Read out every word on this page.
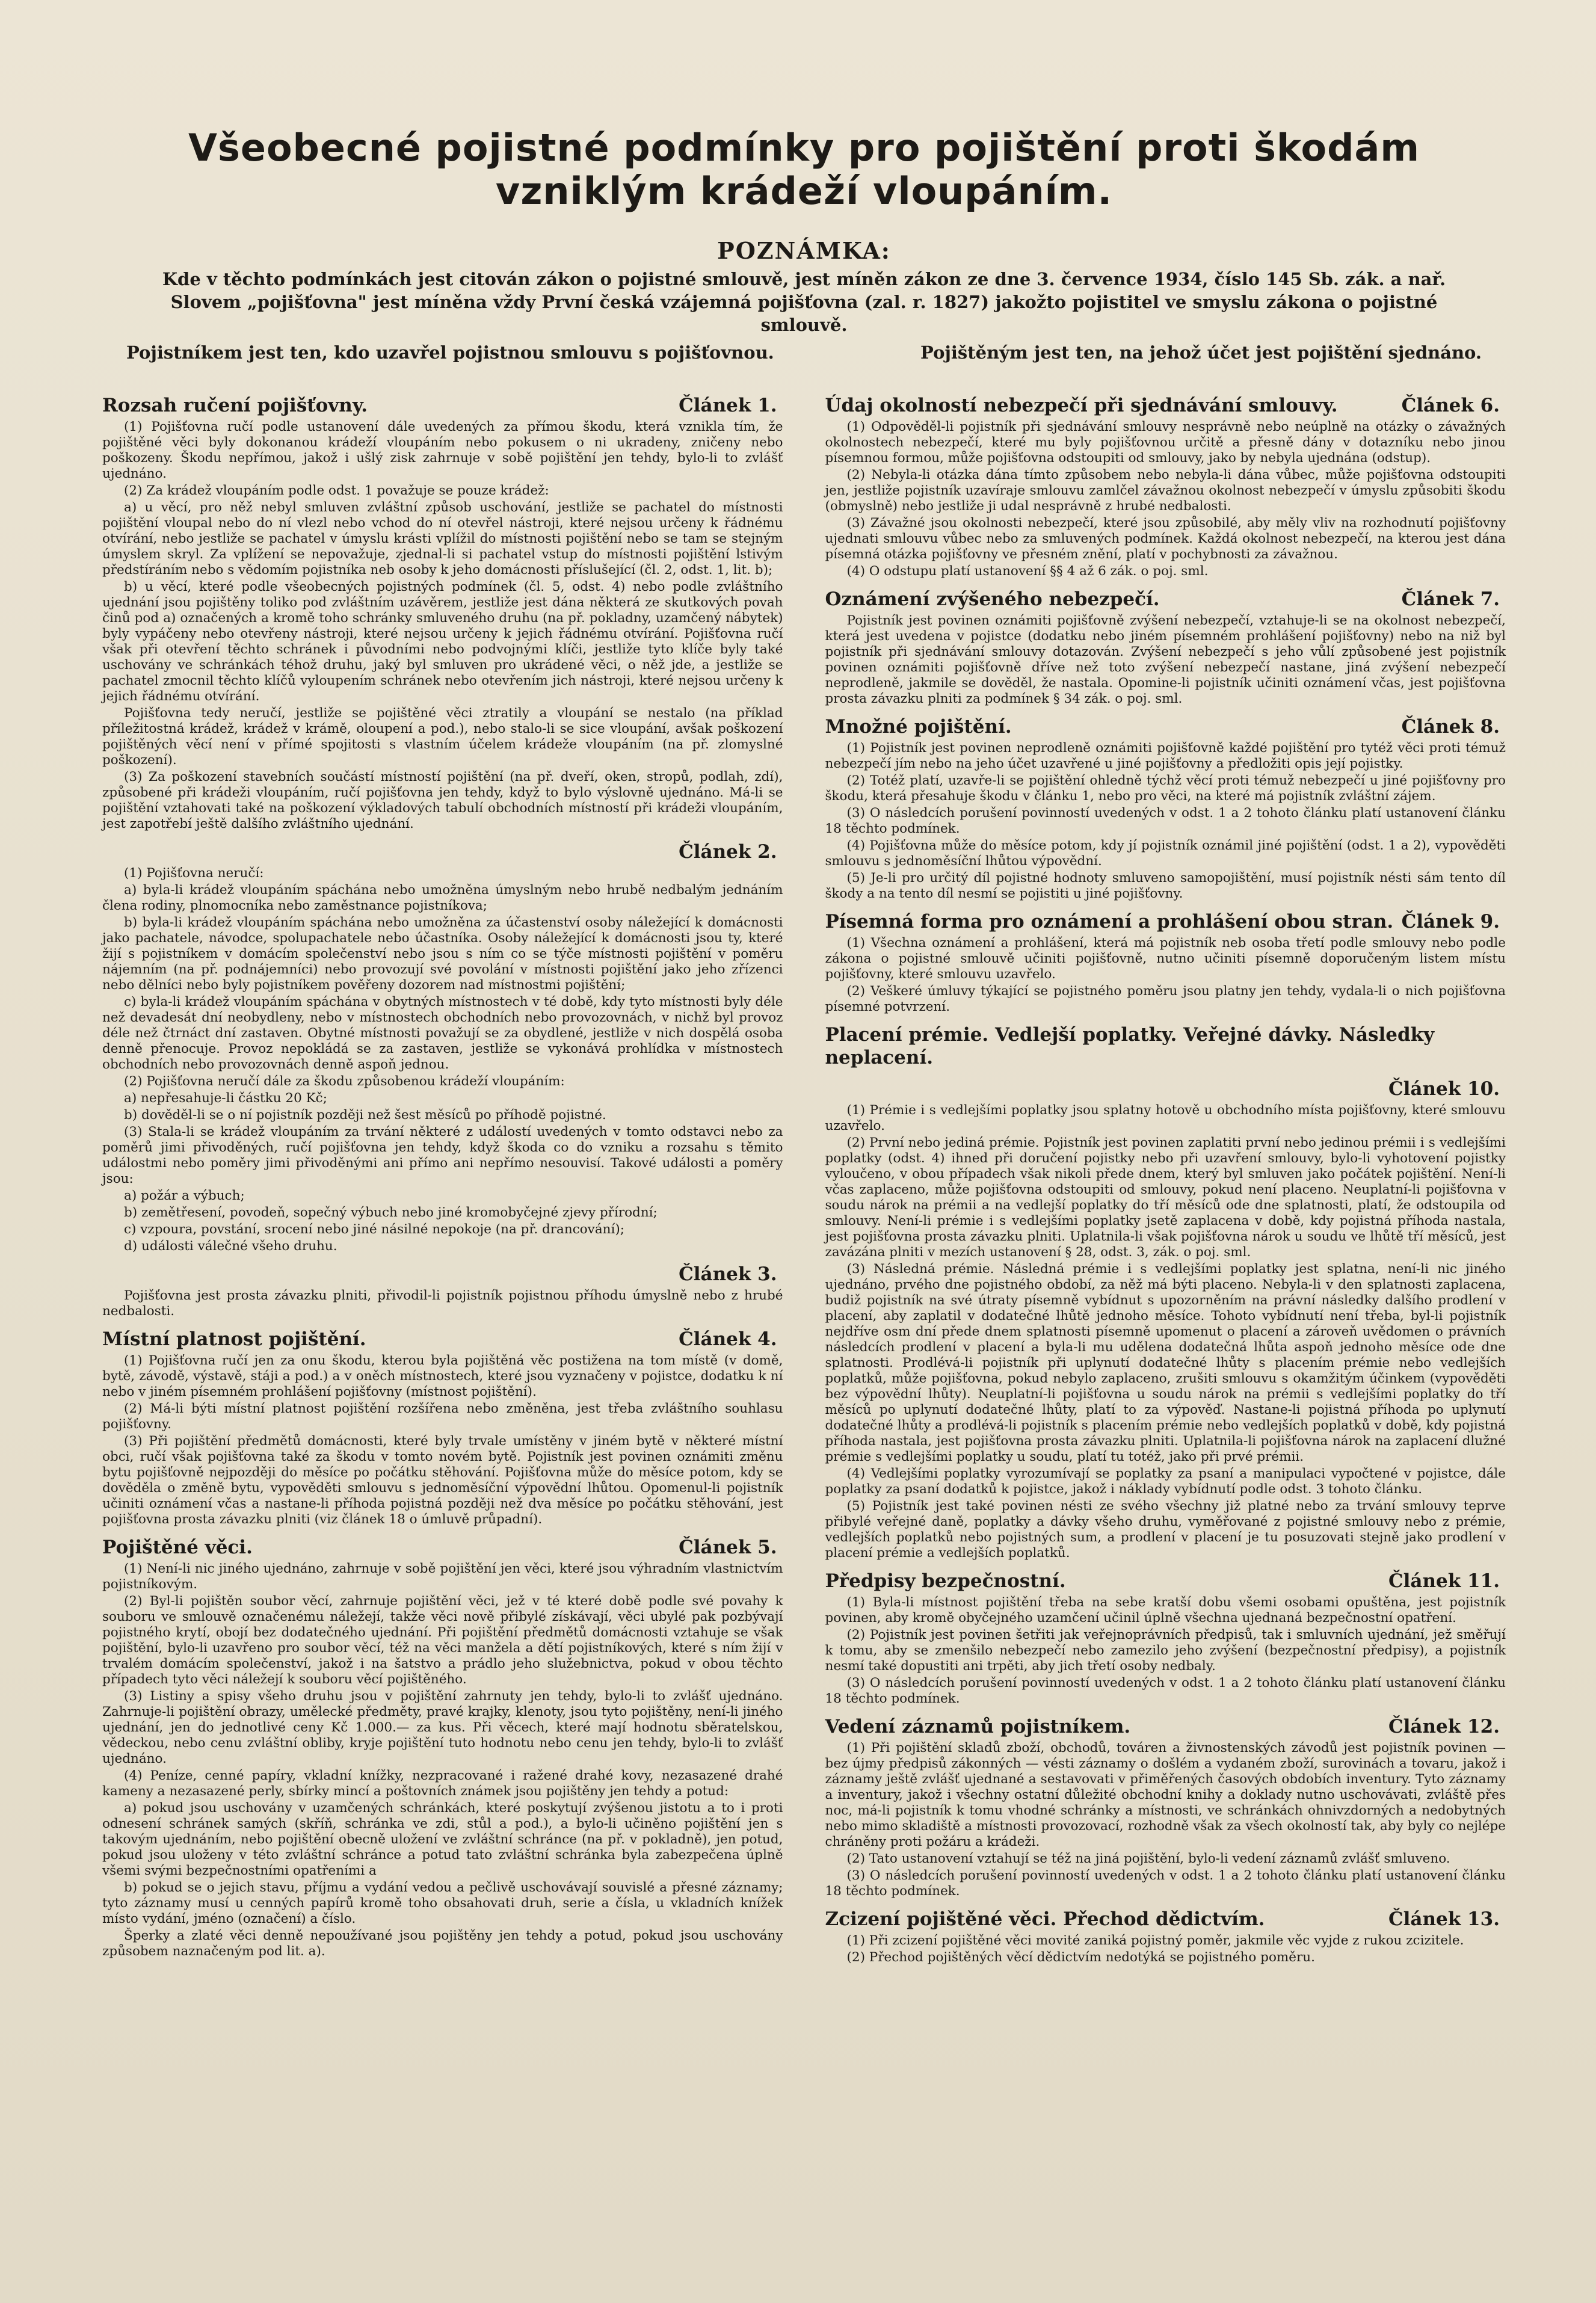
Všeobecné pojistné podmínky pro pojištění proti škodám
vzniklým krádeží vloupáním.
POZNÁMKA:
Kde v těchto podmínkách jest citován zákon o pojistné smlouvě, jest míněn zákon ze dne 3. července 1934, číslo 145 Sb. zák. a nař. Slovem „pojišťovna" jest míněna vždy První česká vzájemná pojišťovna (zal. r. 1827) jakožto pojistitel ve smyslu zákona o pojistné smlouvě.
Pojistníkem jest ten, kdo uzavřel pojistnou smlouvu s pojišťovnou.	Pojištěným jest ten, na jehož účet jest pojištění sjednáno.
Rozsah ručení pojišťovny.	Článek 1.

(1) Pojišťovna ručí podle ustanovení dále uvedených za přímou škodu, která vznikla tím, že pojištěné věci byly dokonanou krádeží vloupáním nebo pokusem o ni ukradeny, zničeny nebo poškozeny. Škodu nepřímou, jakož i ušlý zisk zahrnuje v sobě pojištění jen tehdy, bylo-li to zvlášť ujednáno.

(2) Za krádež vloupáním podle odst. 1 považuje se pouze krádež:

a) u věcí, pro něž nebyl smluven zvláštní způsob uschování, jestliže se pachatel do místnosti pojištění vloupal nebo do ní vlezl nebo vchod do ní otevřel nástroji, které nejsou určeny k řádnému otvírání, nebo jestliže se pachatel v úmyslu krásti vplížil do místnosti pojištění nebo se tam se stejným úmyslem skryl. Za vplížení se nepovažuje, zjednal-li si pachatel vstup do místnosti pojištění lstivým předstíráním nebo s vědomím pojistníka neb osoby k jeho domácnosti příslušející (čl. 2, odst. 1, lit. b);

b) u věcí, které podle všeobecných pojistných podmínek (čl. 5, odst. 4) nebo podle zvláštního ujednání jsou pojištěny toliko pod zvláštním uzávěrem, jestliže jest dána některá ze skutkových povah činů pod a) označených a kromě toho schránky smluveného druhu (na př. pokladny, uzamčený nábytek) byly vypáčeny nebo otevřeny nástroji, které nejsou určeny k jejich řádnému otvírání. Pojišťovna ručí však při otevření těchto schránek i původními nebo podvojnými klíči, jestliže tyto klíče byly také uschovány ve schránkách téhož druhu, jaký byl smluven pro ukrádené věci, o něž jde, a jestliže se pachatel zmocnil těchto klíčů vyloupením schránek nebo otevřením jich nástroji, které nejsou určeny k jejich řádnému otvírání.

Pojišťovna tedy neručí, jestliže se pojištěné věci ztratily a vloupání se nestalo (na příklad příležitostná krádež, krádež v krámě, oloupení a pod.), nebo stalo-li se sice vloupání, avšak poškození pojištěných věcí není v přímé spojitosti s vlastním účelem krádeže vloupáním (na př. zlomyslné poškození).

(3) Za poškození stavebních součástí místností pojištění (na př. dveří, oken, stropů, podlah, zdí), způsobené při krádeži vloupáním, ručí pojišťovna jen tehdy, když to bylo výslovně ujednáno. Má-li se pojištění vztahovati také na poškození výkladových tabulí obchodních místností při krádeži vloupáním, jest zapotřebí ještě dalšího zvláštního ujednání.

Článek 2.

(1) Pojišťovna neručí:

a) byla-li krádež vloupáním spáchána nebo umožněna úmyslným nebo hrubě nedbalým jednáním člena rodiny, plnomocníka nebo zaměstnance pojistníkova;

b) byla-li krádež vloupáním spáchána nebo umožněna za účastenství osoby náležející k domácnosti jako pachatele, návodce, spolupachatele nebo účastníka. Osoby náležející k domácnosti jsou ty, které žijí s pojistníkem v domácím společenství nebo jsou s ním co se týče místnosti pojištění v poměru nájemním (na př. podnájemníci) nebo provozují své povolání v místnosti pojištění jako jeho zřízenci nebo dělníci nebo byly pojistníkem pověřeny dozorem nad místnostmi pojištění;

c) byla-li krádež vloupáním spáchána v obytných místnostech v té době, kdy tyto místnosti byly déle než devadesát dní neobydleny, nebo v místnostech obchodních nebo provozovnách, v nichž byl provoz déle než čtrnáct dní zastaven. Obytné místnosti považují se za obydlené, jestliže v nich dospělá osoba denně přenocuje. Provoz nepokládá se za zastaven, jestliže se vykonává prohlídka v místnostech obchodních nebo provozovnách denně aspoň jednou.

(2) Pojišťovna neručí dále za škodu způsobenou krádeží vloupáním:

a) nepřesahuje-li částku 20 Kč;

b) dověděl-li se o ní pojistník později než šest měsíců po příhodě pojistné.

(3) Stala-li se krádež vloupáním za trvání některé z událostí uvedených v tomto odstavci nebo za poměrů jimi přivoděných, ručí pojišťovna jen tehdy, když škoda co do vzniku a rozsahu s těmito událostmi nebo poměry jimi přivoděnými ani přímo ani nepřímo nesouvisí. Takové události a poměry jsou:

a) požár a výbuch;

b) zemětřesení, povodeň, sopečný výbuch nebo jiné kromobyčejné zjevy přírodní;

c) vzpoura, povstání, srocení nebo jiné násilné nepokoje (na př. drancování);

d) události válečné všeho druhu.

Článek 3.

Pojišťovna jest prosta závazku plniti, přivodil-li pojistník pojistnou příhodu úmyslně nebo z hrubé nedbalosti.

Místní platnost pojištění.	Článek 4.

(1) Pojišťovna ručí jen za onu škodu, kterou byla pojištěná věc postižena na tom místě (v domě, bytě, závodě, výstavě, stáji a pod.) a v oněch místnostech, které jsou vyznačeny v pojistce, dodatku k ní nebo v jiném písemném prohlášení pojišťovny (místnost pojištění).

(2) Má-li býti místní platnost pojištění rozšířena nebo změněna, jest třeba zvláštního souhlasu pojišťovny.

(3) Při pojištění předmětů domácnosti, které byly trvale umístěny v jiném bytě v některé místní obci, ručí však pojišťovna také za škodu v tomto novém bytě. Pojistník jest povinen oznámiti změnu bytu pojišťovně nejpozději do měsíce po počátku stěhování. Pojišťovna může do měsíce potom, kdy se dověděla o změně bytu, vypověděti smlouvu s jednoměsíční výpovědní lhůtou. Opomenul-li pojistník učiniti oznámení včas a nastane-li příhoda pojistná později než dva měsíce po počátku stěhování, jest pojišťovna prosta závazku plniti (viz článek 18 o úmluvě průpadní).

Pojištěné věci.	Článek 5.

(1) Není-li nic jiného ujednáno, zahrnuje v sobě pojištění jen věci, které jsou výhradním vlastnictvím pojistníkovým.

(2) Byl-li pojištěn soubor věcí, zahrnuje pojištění věci, jež v té které době podle své povahy k souboru ve smlouvě označenému náležejí, takže věci nově přibylé získávají, věci ubylé pak pozbývají pojistného krytí, obojí bez dodatečného ujednání. Při pojištění předmětů domácnosti vztahuje se však pojištění, bylo-li uzavřeno pro soubor věcí, též na věci manžela a dětí pojistníkových, které s ním žijí v trvalém domácím společenství, jakož i na šatstvo a prádlo jeho služebnictva, pokud v obou těchto případech tyto věci náležejí k souboru věcí pojištěného.

(3) Listiny a spisy všeho druhu jsou v pojištění zahrnuty jen tehdy, bylo-li to zvlášť ujednáno. Zahrnuje-li pojištění obrazy, umělecké předměty, pravé krajky, klenoty, jsou tyto pojištěny, není-li jiného ujednání, jen do jednotlivé ceny Kč 1.000.— za kus. Při věcech, které mají hodnotu sběratelskou, vědeckou, nebo cenu zvláštní obliby, kryje pojištění tuto hodnotu nebo cenu jen tehdy, bylo-li to zvlášť ujednáno.

(4) Peníze, cenné papíry, vkladní knížky, nezpracované i ražené drahé kovy, nezasazené drahé kameny a nezasazené perly, sbírky mincí a poštovních známek jsou pojištěny jen tehdy a potud:

a) pokud jsou uschovány v uzamčených schránkách, které poskytují zvýšenou jistotu a to i proti odnesení schránek samých (skříň, schránka ve zdi, stůl a pod.), a bylo-li učiněno pojištění jen s takovým ujednáním, nebo pojištění obecně uložení ve zvláštní schránce (na př. v pokladně), jen potud, pokud jsou uloženy v této zvláštní schránce a potud tato zvláštní schránka byla zabezpečena úplně všemi svými bezpečnostními opatřeními a

b) pokud se o jejich stavu, příjmu a vydání vedou a pečlivě uschovávají souvislé a přesné záznamy; tyto záznamy musí u cenných papírů kromě toho obsahovati druh, serie a čísla, u vkladních knížek místo vydání, jméno (označení) a číslo.

Šperky a zlaté věci denně nepoužívané jsou pojištěny jen tehdy a potud, pokud jsou uschovány způsobem naznačeným pod lit. a).

Údaj okolností nebezpečí při sjednávání smlouvy.	Článek 6.

(1) Odpověděl-li pojistník při sjednávání smlouvy nesprávně nebo neúplně na otázky o závažných okolnostech nebezpečí, které mu byly pojišťovnou určitě a přesně dány v dotazníku nebo jinou písemnou formou, může pojišťovna odstoupiti od smlouvy, jako by nebyla ujednána (odstup).

(2) Nebyla-li otázka dána tímto způsobem nebo nebyla-li dána vůbec, může pojišťovna odstoupiti jen, jestliže pojistník uzavíraje smlouvu zamlčel závažnou okolnost nebezpečí v úmyslu způsobiti škodu (obmyslně) nebo jestliže ji udal nesprávně z hrubé nedbalosti.

(3) Závažné jsou okolnosti nebezpečí, které jsou způsobilé, aby měly vliv na rozhodnutí pojišťovny ujednati smlouvu vůbec nebo za smluvených podmínek. Každá okolnost nebezpečí, na kterou jest dána písemná otázka pojišťovny ve přesném znění, platí v pochybnosti za závažnou.

(4) O odstupu platí ustanovení §§ 4 až 6 zák. o poj. sml.

Oznámení zvýšeného nebezpečí.	Článek 7.

Pojistník jest povinen oznámiti pojišťovně zvýšení nebezpečí, vztahuje-li se na okolnost nebezpečí, která jest uvedena v pojistce (dodatku nebo jiném písemném prohlášení pojišťovny) nebo na niž byl pojistník při sjednávání smlouvy dotazován. Zvýšení nebezpečí s jeho vůlí způsobené jest pojistník povinen oznámiti pojišťovně dříve než toto zvýšení nebezpečí nastane, jiná zvýšení nebezpečí neprodleně, jakmile se dověděl, že nastala. Opomine-li pojistník učiniti oznámení včas, jest pojišťovna prosta závazku plniti za podmínek § 34 zák. o poj. sml.

Množné pojištění.	Článek 8.

(1) Pojistník jest povinen neprodleně oznámiti pojišťovně každé pojištění pro tytéž věci proti témuž nebezpečí jím nebo na jeho účet uzavřené u jiné pojišťovny a předložiti opis její pojistky.

(2) Totéž platí, uzavře-li se pojištění ohledně týchž věcí proti témuž nebezpečí u jiné pojišťovny pro škodu, která přesahuje škodu v článku 1, nebo pro věci, na které má pojistník zvláštní zájem.

(3) O následcích porušení povinností uvedených v odst. 1 a 2 tohoto článku platí ustanovení článku 18 těchto podmínek.

(4) Pojišťovna může do měsíce potom, kdy jí pojistník oznámil jiné pojištění (odst. 1 a 2), vypověděti smlouvu s jednoměsíční lhůtou výpovědní.

(5) Je-li pro určitý díl pojistné hodnoty smluveno samopojištění, musí pojistník nésti sám tento díl škody a na tento díl nesmí se pojistiti u jiné pojišťovny.

Písemná forma pro oznámení a prohlášení obou stran. Článek 9.

(1) Všechna oznámení a prohlášení, která má pojistník neb osoba třetí podle smlouvy nebo podle zákona o pojistné smlouvě učiniti pojišťovně, nutno učiniti písemně doporučeným listem místu pojišťovny, které smlouvu uzavřelo.

(2) Veškeré úmluvy týkající se pojistného poměru jsou platny jen tehdy, vydala-li o nich pojišťovna písemné potvrzení.

Placení prémie. Vedlejší poplatky. Veřejné dávky. Následky neplacení.
Článek 10.

(1) Prémie i s vedlejšími poplatky jsou splatny hotově u obchodního místa pojišťovny, které smlouvu uzavřelo.

(2) První nebo jediná prémie. Pojistník jest povinen zaplatiti první nebo jedinou prémii i s vedlejšími poplatky (odst. 4) ihned při doručení pojistky nebo při uzavření smlouvy, bylo-li vyhotovení pojistky vyloučeno, v obou případech však nikoli přede dnem, který byl smluven jako počátek pojištění. Není-li včas zaplaceno, může pojišťovna odstoupiti od smlouvy, pokud není placeno. Neuplatní-li pojišťovna v soudu nárok na prémii a na vedlejší poplatky do tří měsíců ode dne splatnosti, platí, že odstoupila od smlouvy. Není-li prémie i s vedlejšími poplatky jsetě zaplacena v době, kdy pojistná příhoda nastala, jest pojišťovna prosta závazku plniti. Uplatnila-li však pojišťovna nárok u soudu ve lhůtě tří měsíců, jest zavázána plniti v mezích ustanovení § 28, odst. 3, zák. o poj. sml.

(3) Následná prémie. Následná prémie i s vedlejšími poplatky jest splatna, není-li nic jiného ujednáno, prvého dne pojistného období, za něž má býti placeno. Nebyla-li v den splatnosti zaplacena, budiž pojistník na své útraty písemně vybídnut s upozorněním na právní následky dalšího prodlení v placení, aby zaplatil v dodatečné lhůtě jednoho měsíce. Tohoto vybídnutí není třeba, byl-li pojistník nejdříve osm dní přede dnem splatnosti písemně upomenut o placení a zároveň uvědomen o právních následcích prodlení v placení a byla-li mu udělena dodatečná lhůta aspoň jednoho měsíce ode dne splatnosti. Prodlévá-li pojistník při uplynutí dodatečné lhůty s placením prémie nebo vedlejších poplatků, může pojišťovna, pokud nebylo zaplaceno, zrušiti smlouvu s okamžitým účinkem (vypověděti bez výpovědní lhůty). Neuplatní-li pojišťovna u soudu nárok na prémii s vedlejšími poplatky do tří měsíců po uplynutí dodatečné lhůty, platí to za výpověď. Nastane-li pojistná příhoda po uplynutí dodatečné lhůty a prodlévá-li pojistník s placením prémie nebo vedlejších poplatků v době, kdy pojistná příhoda nastala, jest pojišťovna prosta závazku plniti. Uplatnila-li pojišťovna nárok na zaplacení dlužné prémie s vedlejšími poplatky u soudu, platí tu totéž, jako při prvé prémii.

(4) Vedlejšími poplatky vyrozumívají se poplatky za psaní a manipulaci vypočtené v pojistce, dále poplatky za psaní dodatků k pojistce, jakož i náklady vybídnutí podle odst. 3 tohoto článku.

(5) Pojistník jest také povinen nésti ze svého všechny již platné nebo za trvání smlouvy teprve přibylé veřejné daně, poplatky a dávky všeho druhu, vyměřované z pojistné smlouvy nebo z prémie, vedlejších poplatků nebo pojistných sum, a prodlení v placení je tu posuzovati stejně jako prodlení v placení prémie a vedlejších poplatků.

Předpisy bezpečnostní.	Článek 11.

(1) Byla-li místnost pojištění třeba na sebe kratší dobu všemi osobami opuštěna, jest pojistník povinen, aby kromě obyčejného uzamčení učinil úplně všechna ujednaná bezpečnostní opatření.

(2) Pojistník jest povinen šetřiti jak veřejnoprávních předpisů, tak i smluvních ujednání, jež směřují k tomu, aby se zmenšilo nebezpečí nebo zamezilo jeho zvýšení (bezpečnostní předpisy), a pojistník nesmí také dopustiti ani trpěti, aby jich třetí osoby nedbaly.

(3) O následcích porušení povinností uvedených v odst. 1 a 2 tohoto článku platí ustanovení článku 18 těchto podmínek.

Vedení záznamů pojistníkem.	Článek 12.

(1) Při pojištění skladů zboží, obchodů, továren a živnostenských závodů jest pojistník povinen — bez újmy předpisů zákonných — vésti záznamy o došlém a vydaném zboží, surovinách a tovaru, jakož i záznamy ještě zvlášť ujednané a sestavovati v přiměřených časových obdobích inventury. Tyto záznamy a inventury, jakož i všechny ostatní důležité obchodní knihy a doklady nutno uschovávati, zvláště přes noc, má-li pojistník k tomu vhodné schránky a místnosti, ve schránkách ohnivzdorných a nedobytných nebo mimo skladiště a místnosti provozovací, rozhodně však za všech okolností tak, aby byly co nejlépe chráněny proti požáru a krádeži.

(2) Tato ustanovení vztahují se též na jiná pojištění, bylo-li vedení záznamů zvlášť smluveno.

(3) O následcích porušení povinností uvedených v odst. 1 a 2 tohoto článku platí ustanovení článku 18 těchto podmínek.

Zcizení pojištěné věci. Přechod dědictvím.	Článek 13.

(1) Při zcizení pojištěné věci movité zaniká pojistný poměr, jakmile věc vyjde z rukou zcizitele.

(2) Přechod pojištěných věcí dědictvím nedotýká se pojistného poměru.
